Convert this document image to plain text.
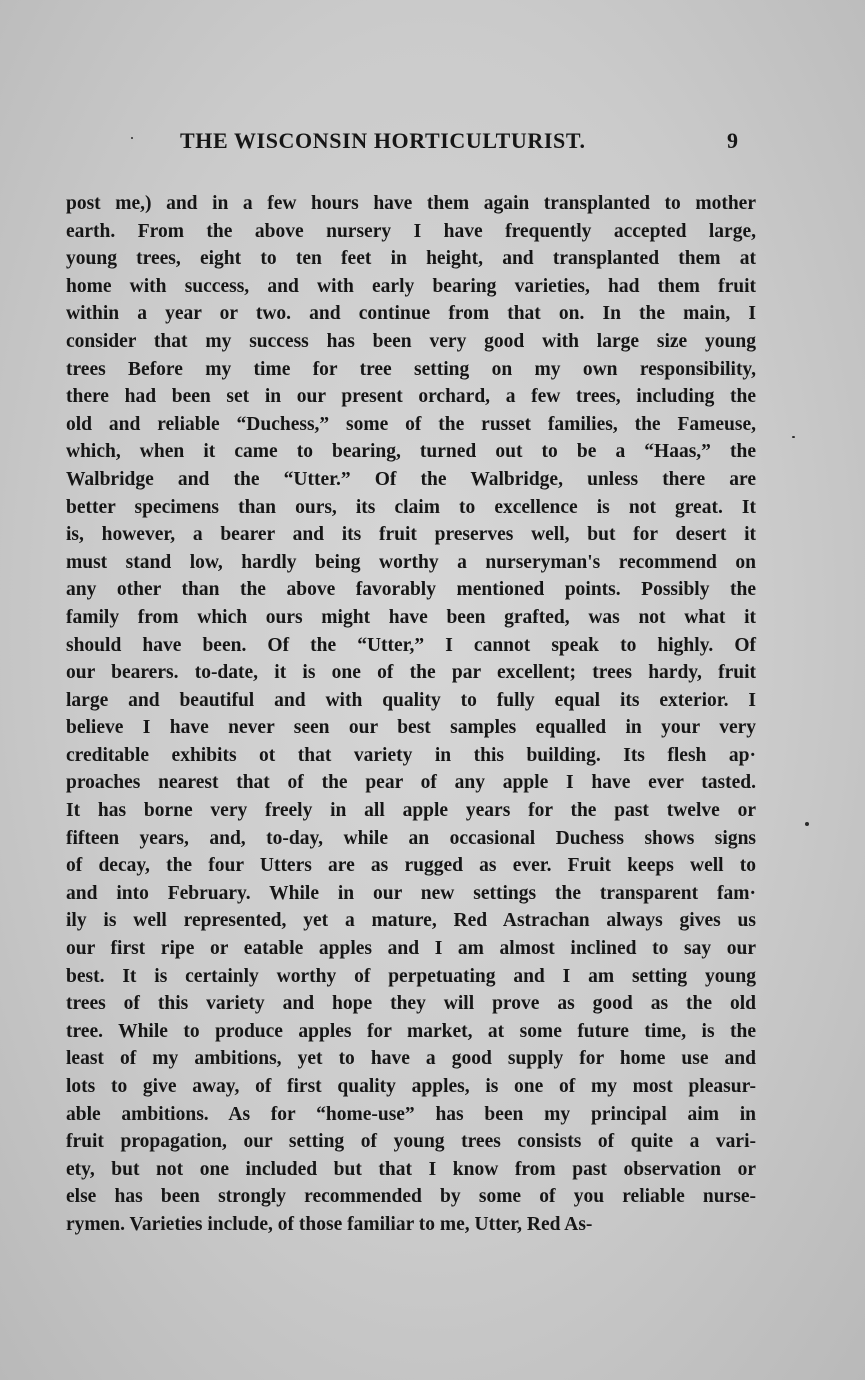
THE WISCONSIN HORTICULTURIST.	9
post me,) and in a few hours have them again transplanted to mother
earth. From the above nursery I have frequently accepted large,
young trees, eight to ten feet in height, and transplanted them at
home with success, and with early bearing varieties, had them fruit
within a year or two. and continue from that on. In the main, I
consider that my success has been very good with large size young
trees Before my time for tree setting on my own responsibility,
there had been set in our present orchard, a few trees, including the
old and reliable “Duchess,” some of the russet families, the Fameuse,
which, when it came to bearing, turned out to be a “Haas,” the
Walbridge and the “Utter.” Of the Walbridge, unless there are
better specimens than ours, its claim to excellence is not great. It
is, however, a bearer and its fruit preserves well, but for desert it
must stand low, hardly being worthy a nurseryman's recommend on
any other than the above favorably mentioned points. Possibly the
family from which ours might have been grafted, was not what it
should have been. Of the “Utter,” I cannot speak to highly. Of
our bearers. to-date, it is one of the par excellent; trees hardy, fruit
large and beautiful and with quality to fully equal its exterior. I
believe I have never seen our best samples equalled in your very
creditable exhibits ot that variety in this building. Its flesh ap·
proaches nearest that of the pear of any apple I have ever tasted.
It has borne very freely in all apple years for the past twelve or
fifteen years, and, to-day, while an occasional Duchess shows signs
of decay, the four Utters are as rugged as ever. Fruit keeps well to
and into February. While in our new settings the transparent fam·
ily is well represented, yet a mature, Red Astrachan always gives us
our first ripe or eatable apples and I am almost inclined to say our
best. It is certainly worthy of perpetuating and I am setting young
trees of this variety and hope they will prove as good as the old
tree. While to produce apples for market, at some future time, is the
least of my ambitions, yet to have a good supply for home use and
lots to give away, of first quality apples, is one of my most pleasur-
able ambitions. As for “home-use” has been my principal aim in
fruit propagation, our setting of young trees consists of quite a vari-
ety, but not one included but that I know from past observation or
else has been strongly recommended by some of you reliable nurse-
rymen. Varieties include, of those familiar to me, Utter, Red As-
